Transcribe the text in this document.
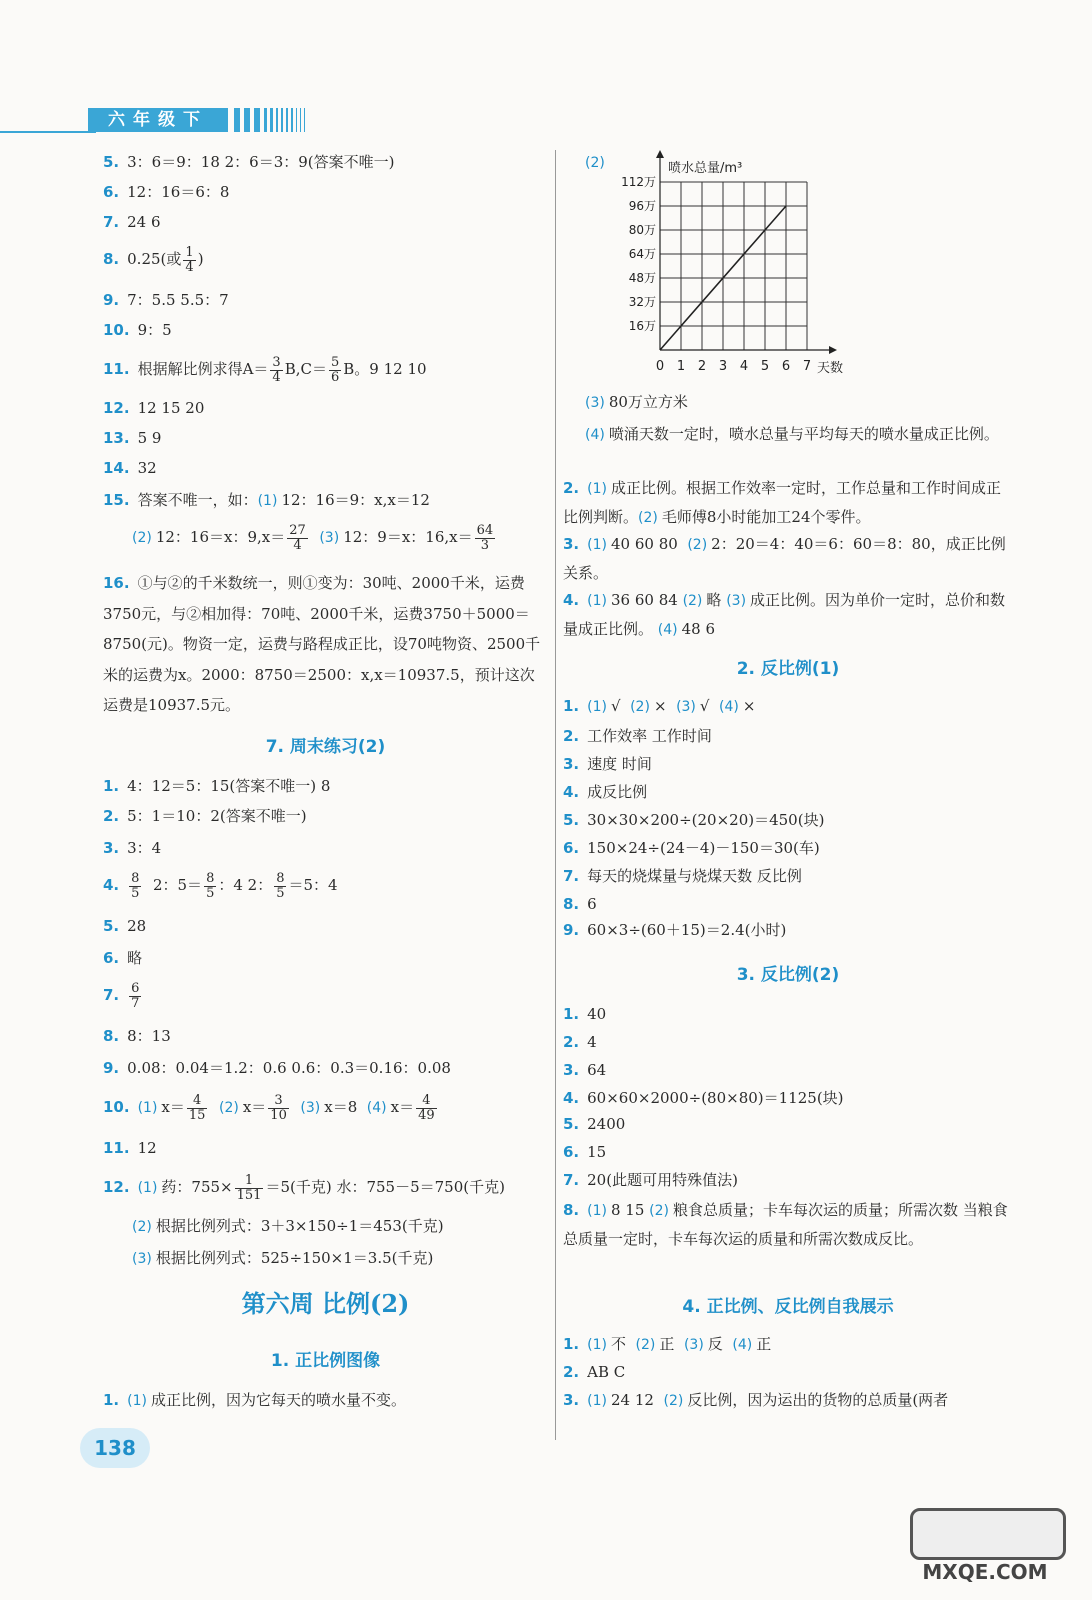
六年级下
5. 3：6＝9：18 2：6＝3：9(答案不唯一)
6. 12：16＝6：8
7. 24 6
8. 0.25(或 $\frac{1}{4}$ )
9. 7：5.5 5.5：7
10. 9：5
11. 根据解比例求得$A= \frac{3}{4} B,C= \frac{5}{6}$ B。9 12 10
12. 12 15 20
13. 5 9
14. 32
15. 答案不唯一，如：(1) 12：16＝9：x,x＝12
(2) 12：16＝x：$9,x= \frac{27}{4} (3)$ 12：9＝x：$16,x= \frac{64}{3}$
16. ①与②的千米数统一，则①变为：30吨、2000千米，运费3750元，与②相加得：70吨、2000千米，运费3750＋5000＝8750(元)。物资一定，运费与路程成正比，设70吨物资、2500千米的运费为x。2000：8750＝2500：x,x＝10937.5，预计这次运费是10937.5元。
7. 周末练习(2)
1. 4：12＝5：15(答案不唯一) 8
2. 5：1＝10：2(答案不唯一)
3. 3：4
4. $\frac{8}{5} 2$：$5= \frac{8}{5}$ ：4 2： $\frac{8}{5} =5$：4
5. 28
6. 略
7. $\frac{6}{7}$
8. 8：13
9. 0.08：0.04＝1.2：0.6 0.6：0.3＝0.16：0.08
10. (1) $x= \frac{4}{15} (2)$ $x= \frac{3}{10} (3)$ x＝8 (4) $x= \frac{4}{49}$
11. 12
12. (1) 药：$755\times \frac{1}{151} =5$(千克) 水：755－5＝750(千克)
(2) 根据比例列式：3＋3×150÷1＝453(千克)
(3) 根据比例列式：525÷150×1＝3.5(千克)
第六周 比例(2)
1. 正比例图像
1. (1) 成正比例，因为它每天的喷水量不变。
(2)
0 1 2 3 4 5 6 7
16万
32万
48万
64万
80万
96万
112万
喷水总量/m³
天数
(3) 80万立方米
(4) 喷涌天数一定时，喷水总量与平均每天的喷水量成正比例。
2. (1) 成正比例。根据工作效率一定时，工作总量和工作时间成正比例判断。(2) 毛师傅8小时能加工24个零件。
3. (1) 40 60 80 (2) 2：20＝4：40＝6：60＝8：80，成正比例关系。
4. (1) 36 60 84 (2) 略 (3) 成正比例。因为单价一定时，总价和数量成正比例。 (4) 48 6
2. 反比例(1)
1. (1) √ (2) × (3) √ (4) ×
2. 工作效率 工作时间
3. 速度 时间
4. 成反比例
5. 30×30×200÷(20×20)＝450(块)
6. 150×24÷(24－4)－150＝30(车)
7. 每天的烧煤量与烧煤天数 反比例
8. 6
9. 60×3÷(60＋15)＝2.4(小时)
3. 反比例(2)
1. 40
2. 4
3. 64
4. 60×60×2000÷(80×80)＝1125(块)
5. 2400
6. 15
7. 20(此题可用特殊值法)
8. (1) 8 15 (2) 粮食总质量；卡车每次运的质量；所需次数 当粮食总质量一定时，卡车每次运的质量和所需次数成反比。
4. 正比例、反比例自我展示
1. (1) 不 (2) 正 (3) 反 (4) 正
2. AB C
3. (1) 24 12 (2) 反比例，因为运出的货物的总质量(两者
138
MXQE.COM
